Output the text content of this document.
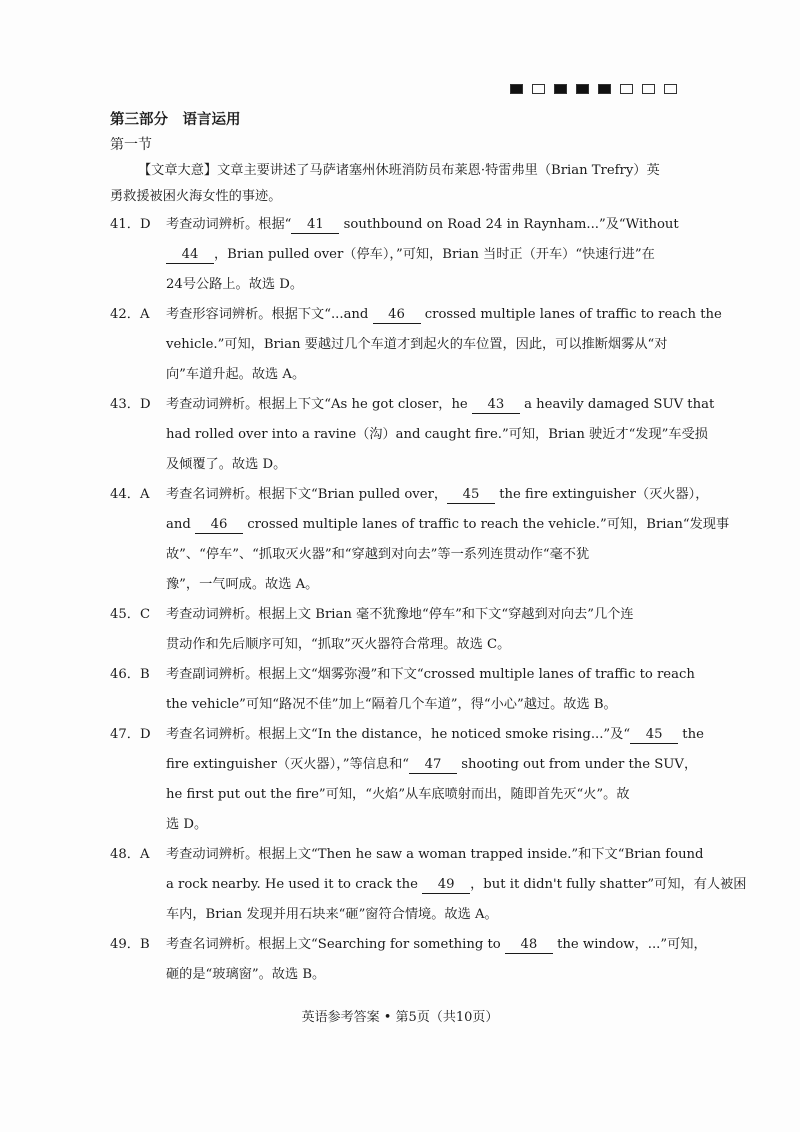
第三部分　语言运用
第一节
【文章大意】文章主要讲述了马萨诸塞州休班消防员布莱恩·特雷弗里（Brian Trefry）英
勇救援被困火海女性的事迹。
41．D 考查动词辨析。根据“ 41 southbound on Road 24 in Raynham...”及“Without
44 ，Brian pulled over（停车），”可知，Brian 当时正（开车）“快速行进”在
24号公路上。故选 D。
42．A 考查形容词辨析。根据下文“...and 46 crossed multiple lanes of traffic to reach the
vehicle.”可知，Brian 要越过几个车道才到起火的车位置，因此，可以推断烟雾从“对
向”车道升起。故选 A。
43．D 考查动词辨析。根据上下文“As he got closer，he 43 a heavily damaged SUV that
had rolled over into a ravine（沟）and caught fire.”可知，Brian 驶近才“发现”车受损
及倾覆了。故选 D。
44．A 考查名词辨析。根据下文“Brian pulled over， 45 the fire extinguisher（灭火器），
and 46 crossed multiple lanes of traffic to reach the vehicle.”可知，Brian“发现事
故”、“停车”、“抓取灭火器”和“穿越到对向去”等一系列连贯动作“毫不犹
豫”，一气呵成。故选 A。
45．C 考查动词辨析。根据上文 Brian 毫不犹豫地“停车”和下文“穿越到对向去”几个连
贯动作和先后顺序可知，“抓取”灭火器符合常理。故选 C。
46．B 考查副词辨析。根据上文“烟雾弥漫”和下文“crossed multiple lanes of traffic to reach
the vehicle”可知“路况不佳”加上“隔着几个车道”，得“小心”越过。故选 B。
47．D 考查名词辨析。根据上文“In the distance，he noticed smoke rising...”及“ 45 the
fire extinguisher（灭火器），”等信息和“ 47 shooting out from under the SUV，
he first put out the fire”可知，“火焰”从车底喷射而出，随即首先灭“火”。故
选 D。
48．A 考查动词辨析。根据上文“Then he saw a woman trapped inside.”和下文“Brian found
a rock nearby. He used it to crack the 49 ，but it didn't fully shatter”可知，有人被困
车内，Brian 发现并用石块来“砸”窗符合情境。故选 A。
49．B 考查名词辨析。根据上文“Searching for something to 48 the window，...”可知，
砸的是“玻璃窗”。故选 B。
英语参考答案 • 第5页（共10页）
